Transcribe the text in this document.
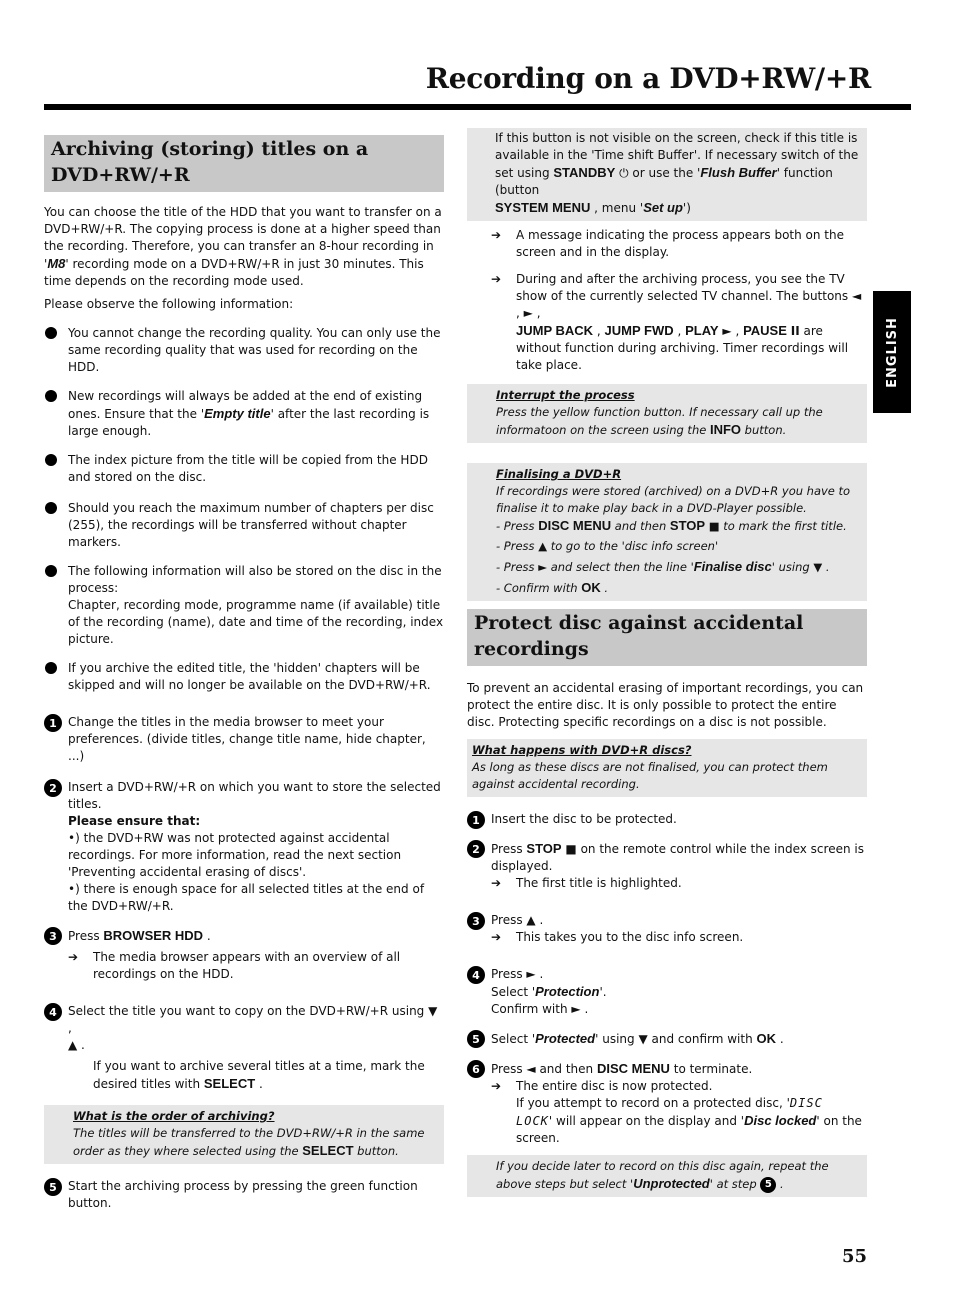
Recording on a DVD+RW/+R
ENGLISH
Archiving (storing) titles on a DVD+RW/+R

You can choose the title of the HDD that you want to transfer on a DVD+RW/+R. The copying process is done at a higher speed than the recording. Therefore, you can transfer an 8-hour recording in 'M8' recording mode on a DVD+RW/+R in just 30 minutes. This time depends on the recording mode used.

Please observe the following information:

You cannot change the recording quality. You can only use the same recording quality that was used for recording on the HDD.
New recordings will always be added at the end of existing ones. Ensure that the 'Empty title' after the last recording is large enough.
The index picture from the title will be copied from the HDD and stored on the disc.
Should you reach the maximum number of chapters per disc (255), the recordings will be transferred without chapter markers.
The following information will also be stored on the disc in the process:
Chapter, recording mode, programme name (if available) title of the recording (name), date and time of the recording, index picture.
If you archive the edited title, the 'hidden' chapters will be skipped and will no longer be available on the DVD+RW/+R.
1 Change the titles in the media browser to meet your preferences. (divide titles, change title name, hide chapter, ...)
2 Insert a DVD+RW/+R on which you want to store the selected titles.
Please ensure that:
•) the DVD+RW was not protected against accidental recordings. For more information, read the next section 'Preventing accidental erasing of discs'.
•) there is enough space for all selected titles at the end of the DVD+RW/+R.
3 Press BROWSER HDD .
➔ The media browser appears with an overview of all recordings on the HDD.
4 Select the title you want to copy on the DVD+RW/+R using ▼ ,
▲ .
If you want to archive several titles at a time, mark the desired titles with SELECT .
What is the order of archiving?
The titles will be transferred to the DVD+RW/+R in the same order as they where selected using the SELECT button.
5 Start the archiving process by pressing the green function button.
If this button is not visible on the screen, check if this title is available in the 'Time shift Buffer'. If necessary switch of the set using STANDBY ⏻ or use the 'Flush Buffer' function (button
SYSTEM MENU , menu 'Set up')
➔ A message indicating the process appears both on the screen and in the display.
➔ During and after the archiving process, you see the TV show of the currently selected TV channel. The buttons ◄ , ► ,
JUMP BACK , JUMP FWD , PLAY ► , PAUSE II are without function during archiving. Timer recordings will take place.
Interrupt the process
Press the yellow function button. If necessary call up the informatoon on the screen using the INFO button.
Finalising a DVD+R
If recordings were stored (archived) on a DVD+R you have to finalise it to make play back in a DVD-Player possible.
- Press DISC MENU and then STOP ■ to mark the first title.
- Press ▲ to go to the 'disc info screen'
- Press ► and select then the line 'Finalise disc' using ▼ .
- Confirm with OK .
Protect disc against accidental recordings

To prevent an accidental erasing of important recordings, you can protect the entire disc. It is only possible to protect the entire disc. Protecting specific recordings on a disc is not possible.

What happens with DVD+R discs?
As long as these discs are not finalised, you can protect them against accidental recording.
1 Insert the disc to be protected.
2 Press STOP ■ on the remote control while the index screen is displayed.
➔ The first title is highlighted.
3 Press ▲ .
➔ This takes you to the disc info screen.
4 Press ► .
Select 'Protection'.
Confirm with ► .
5 Select 'Protected' using ▼ and confirm with OK .
6 Press ◄ and then DISC MENU to terminate.
➔ The entire disc is now protected.
If you attempt to record on a protected disc, 'DISC LOCK' will appear on the display and 'Disc locked' on the screen.
If you decide later to record on this disc again, repeat the above steps but select 'Unprotected' at step 5 .
55
